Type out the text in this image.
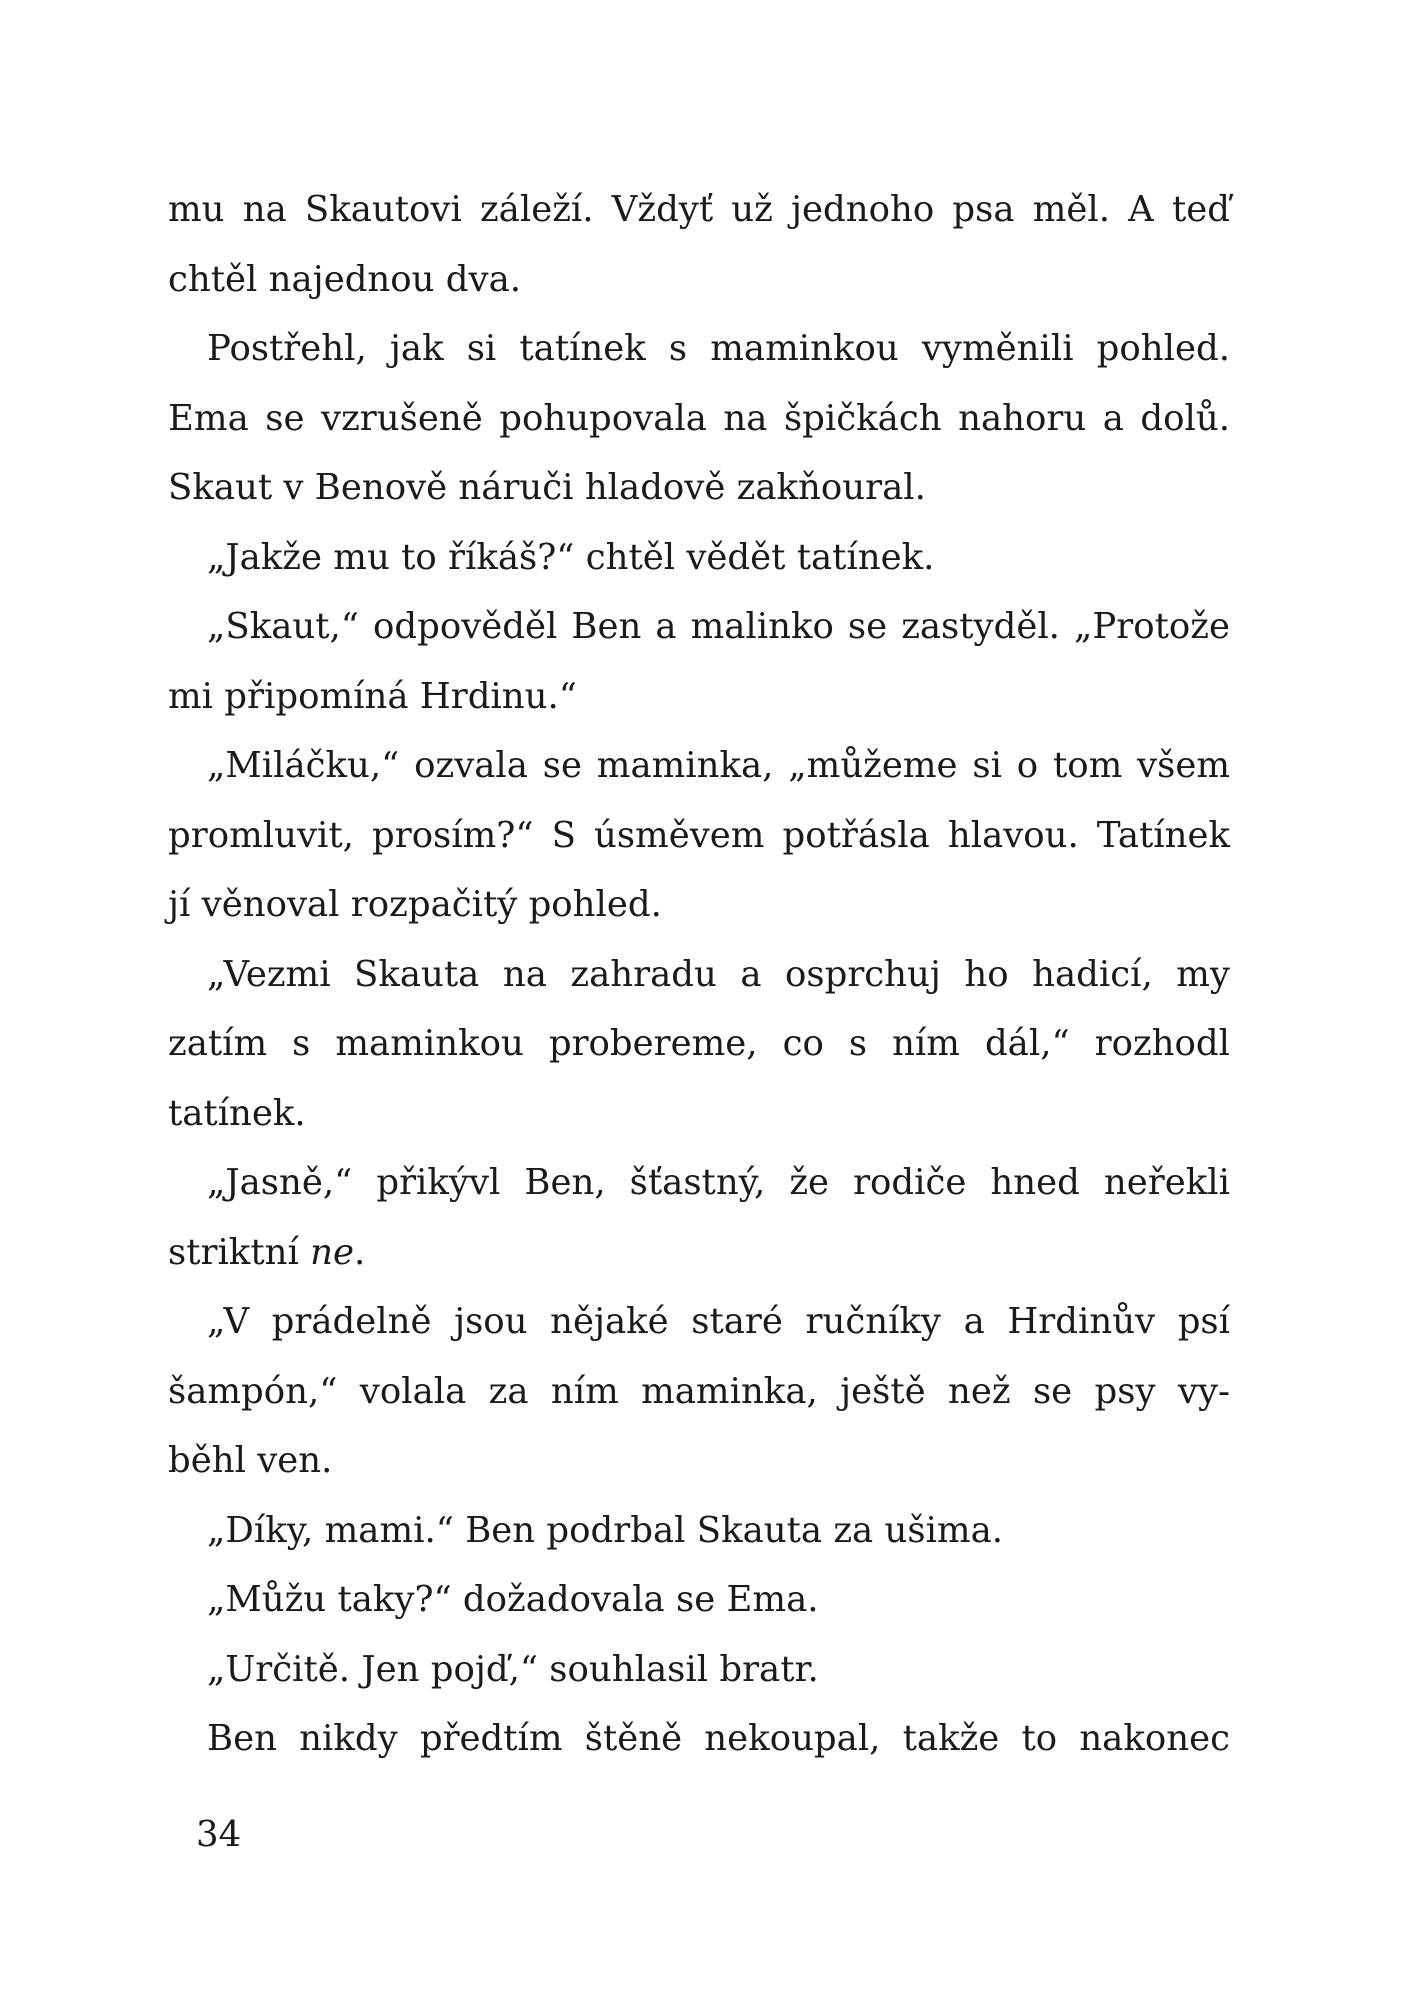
mu na Skautovi záleží. Vždyť už jednoho psa měl. A teď
chtěl najednou dva.
Postřehl, jak si tatínek s maminkou vyměnili pohled.
Ema se vzrušeně pohupovala na špičkách nahoru a dolů.
Skaut v Benově náruči hladově zakňoural.
„Jakže mu to říkáš?“ chtěl vědět tatínek.
„Skaut,“ odpověděl Ben a malinko se zastyděl. „Protože
mi připomíná Hrdinu.“
„Miláčku,“ ozvala se maminka, „můžeme si o tom všem
promluvit, prosím?“ S úsměvem potřásla hlavou. Tatínek
jí věnoval rozpačitý pohled.
„Vezmi Skauta na zahradu a osprchuj ho hadicí, my
zatím s maminkou probereme, co s ním dál,“ rozhodl
tatínek.
„Jasně,“ přikývl Ben, šťastný, že rodiče hned neřekli
striktní ne.
„V prádelně jsou nějaké staré ručníky a Hrdinův psí
šampón,“ volala za ním maminka, ještě než se psy vy-
běhl ven.
„Díky, mami.“ Ben podrbal Skauta za ušima.
„Můžu taky?“ dožadovala se Ema.
„Určitě. Jen pojď,“ souhlasil bratr.
Ben nikdy předtím štěně nekoupal, takže to nakonec
34
